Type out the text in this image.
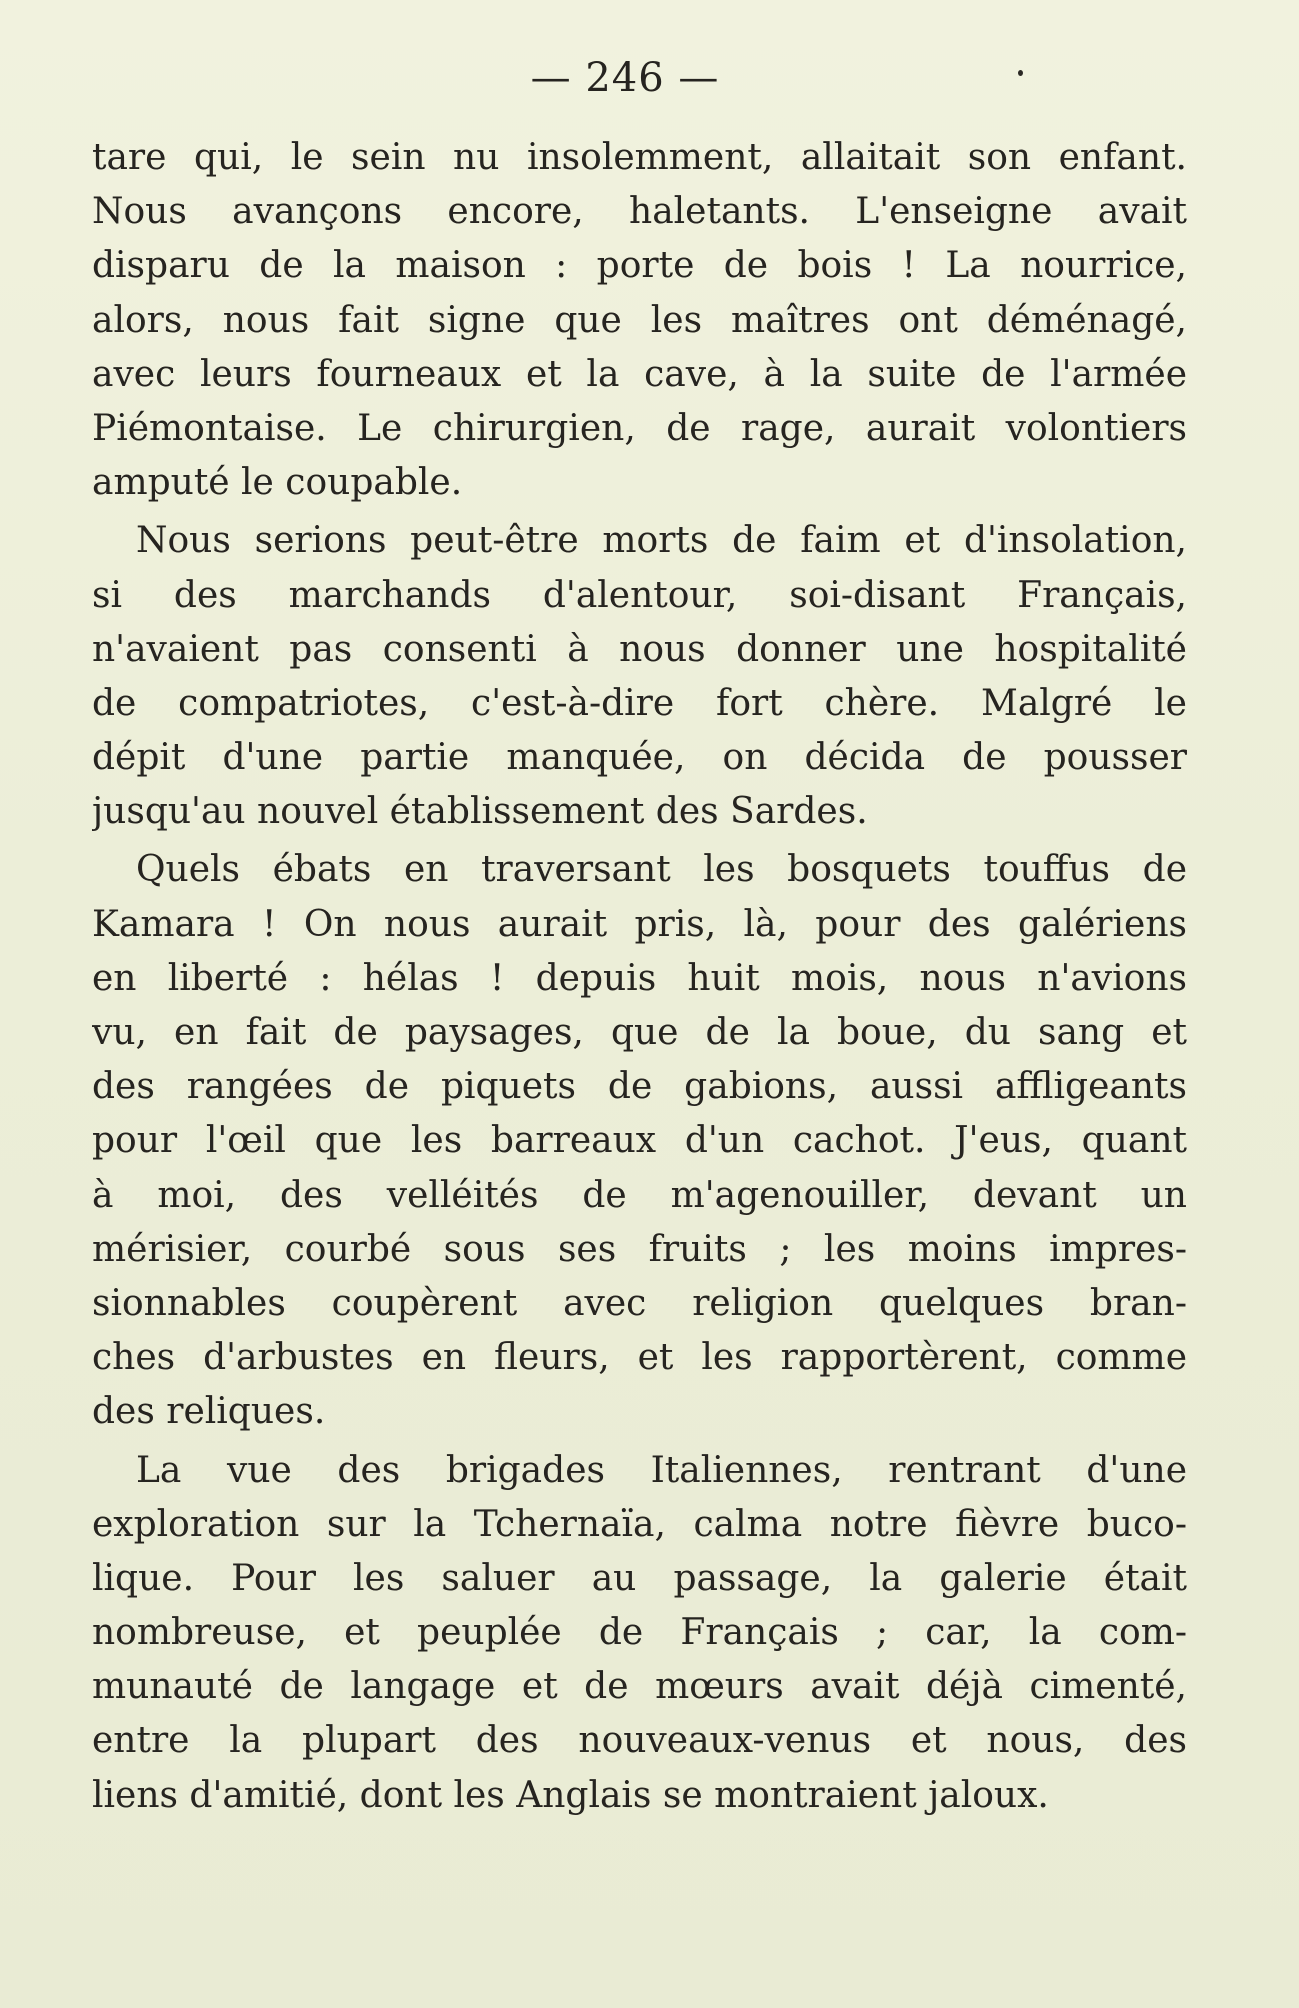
— 246 —
tare qui, le sein nu insolemment, allaitait son enfant.
Nous avançons encore, haletants. L'enseigne avait
disparu de la maison : porte de bois ! La nourrice,
alors, nous fait signe que les maîtres ont déménagé,
avec leurs fourneaux et la cave, à la suite de l'armée
Piémontaise. Le chirurgien, de rage, aurait volontiers
amputé le coupable.
Nous serions peut-être morts de faim et d'insolation,
si des marchands d'alentour, soi-disant Français,
n'avaient pas consenti à nous donner une hospitalité
de compatriotes, c'est-à-dire fort chère. Malgré le
dépit d'une partie manquée, on décida de pousser
jusqu'au nouvel établissement des Sardes.
Quels ébats en traversant les bosquets touffus de
Kamara ! On nous aurait pris, là, pour des galériens
en liberté : hélas ! depuis huit mois, nous n'avions
vu, en fait de paysages, que de la boue, du sang et
des rangées de piquets de gabions, aussi affligeants
pour l'œil que les barreaux d'un cachot. J'eus, quant
à moi, des velléités de m'agenouiller, devant un
mérisier, courbé sous ses fruits ; les moins impres-
sionnables coupèrent avec religion quelques bran-
ches d'arbustes en fleurs, et les rapportèrent, comme
des reliques.
La vue des brigades Italiennes, rentrant d'une
exploration sur la Tchernaïa, calma notre fièvre buco-
lique. Pour les saluer au passage, la galerie était
nombreuse, et peuplée de Français ; car, la com-
munauté de langage et de mœurs avait déjà cimenté,
entre la plupart des nouveaux-venus et nous, des
liens d'amitié, dont les Anglais se montraient jaloux.
